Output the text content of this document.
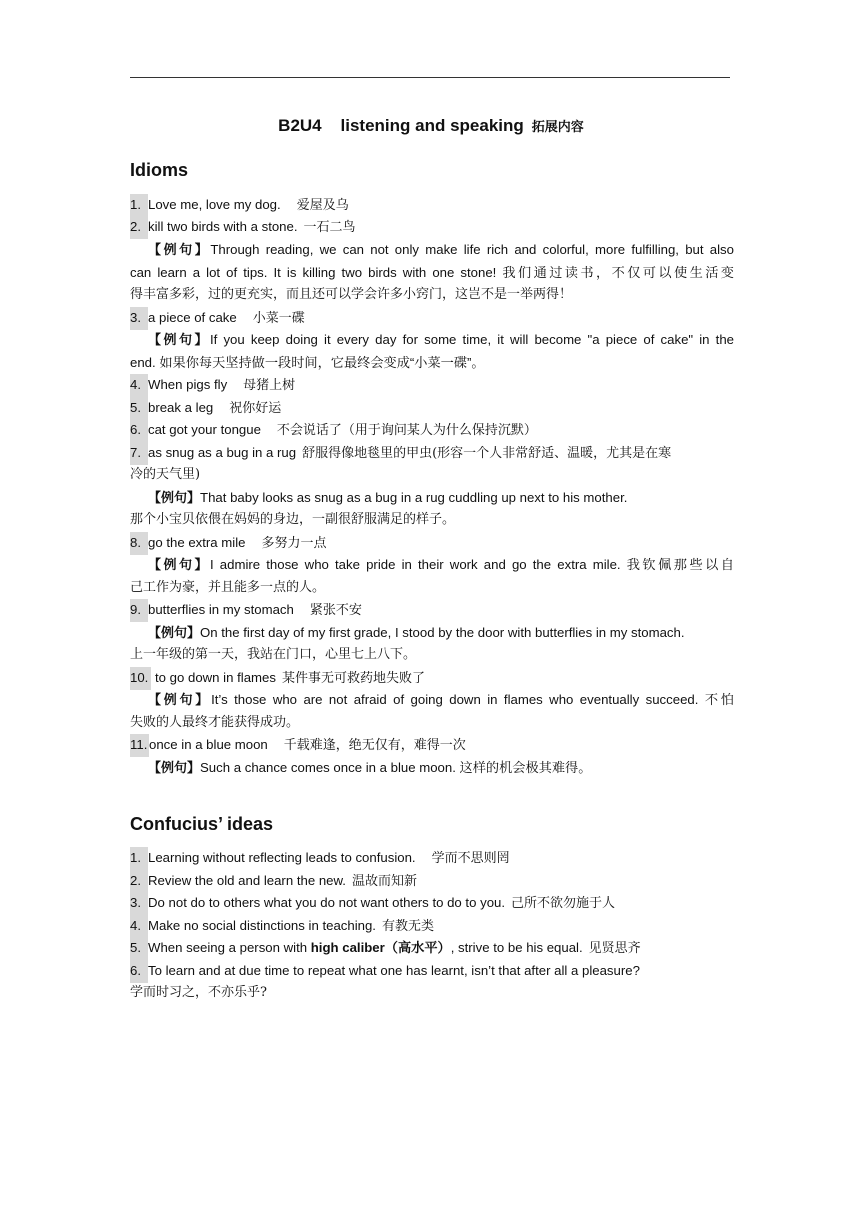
B2U4    listening and speaking 拓展内容
Idioms
1. Love me, love my dog. 爱屋及乌
2. kill two birds with a stone. 一石二鸟
【例句】Through reading, we can not only make life rich and colorful, more fulfilling, but also
can learn a lot of tips. It is killing two birds with one stone! 我们通过读书，不仅可以使生活变
得丰富多彩，过的更充实，而且还可以学会许多小窍门，这岂不是一举两得！
3. a piece of cake 小菜一碟
【例句】If you keep doing it every day for some time, it will become "a piece of cake" in the
end. 如果你每天坚持做一段时间，它最终会变成“小菜一碟”。
4. When pigs fly 母猪上树
5. break a leg 祝你好运
6. cat got your tongue 不会说话了（用于询问某人为什么保持沉默）
7. as snug as a bug in a rug 舒服得像地毯里的甲虫(形容一个人非常舒适、温暖，尤其是在寒
冷的天气里)
【例句】That baby looks as snug as a bug in a rug cuddling up next to his mother.
那个小宝贝依偎在妈妈的身边，一副很舒服满足的样子。
8. go the extra mile 多努力一点
【例句】I admire those who take pride in their work and go the extra mile. 我钦佩那些以自
己工作为豪，并且能多一点的人。
9. butterflies in my stomach 紧张不安
【例句】On the first day of my first grade, I stood by the door with butterflies in my stomach.
上一年级的第一天，我站在门口，心里七上八下。
10. to go down in flames 某件事无可救药地失败了
【例句】It’s those who are not afraid of going down in flames who eventually succeed. 不怕
失败的人最终才能获得成功。
11. once in a blue moon 千载难逢，绝无仅有，难得一次
【例句】Such a chance comes once in a blue moon. 这样的机会极其难得。
Confucius’ ideas
1. Learning without reflecting leads to confusion. 学而不思则罔
2. Review the old and learn the new. 温故而知新
3. Do not do to others what you do not want others to do to you. 己所不欲勿施于人
4. Make no social distinctions in teaching. 有教无类
5. When seeing a person with high caliber（高水平）, strive to be his equal. 见贤思齐
6. To learn and at due time to repeat what one has learnt, isn’t that after all a pleasure?
学而时习之，不亦乐乎?
